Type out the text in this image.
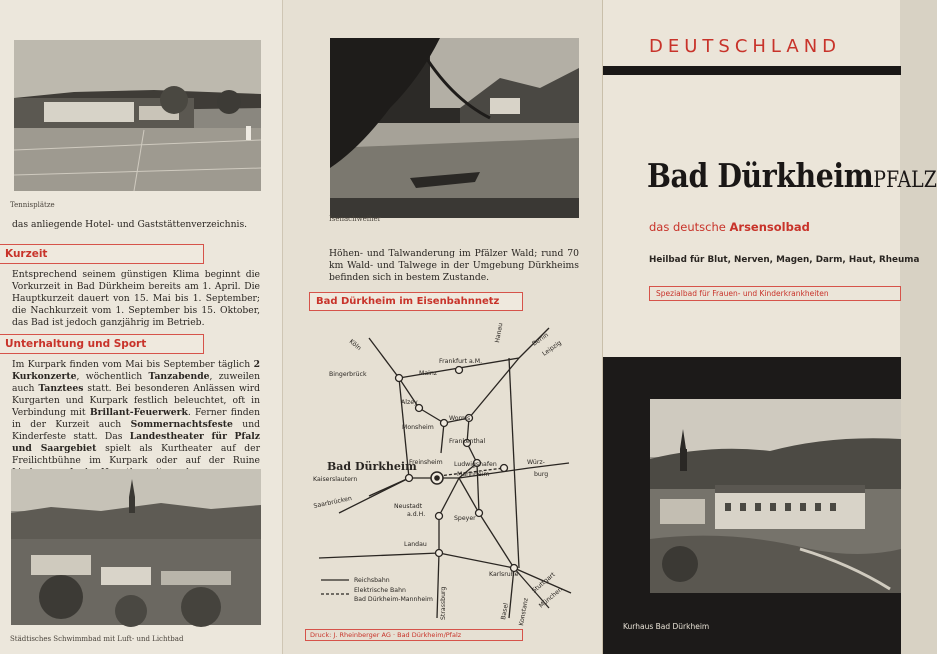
Tennisplätze
das anliegende Hotel- und Gaststättenverzeichnis.
Kurzeit
Entsprechend seinem günstigen Klima beginnt die Vorkurzeit in Bad Dürkheim bereits am 1. April. Die Hauptkurzeit dauert von 15. Mai bis 1. September; die Nachkurzeit vom 1. September bis 15. Oktober, das Bad ist jedoch ganzjährig im Betrieb.
Unterhaltung und Sport
Im Kurpark finden vom Mai bis September täglich 2 Kurkonzerte, wöchentlich Tanzabende, zuweilen auch Tanztees statt. Bei besonderen Anlässen wird Kurgarten und Kurpark festlich beleuchtet, oft in Verbindung mit Brillant-Feuerwerk. Ferner finden in der Kurzeit auch Sommernachtsfeste und Kinderfeste statt. Das Landestheater für Pfalz und Saargebiet spielt als Kurtheater auf der Freilichtbühne im Kurpark oder auf der Ruine
Städtisches Schwimmbad mit Luft- und Lichtbad
Isenachweiher
Höhen- und Talwanderung im Pfälzer Wald; rund 70 km Wald- und Talwege in der Umgebung Dürkheims befinden sich in bestem Zustande.
Bad Dürkheim im Eisenbahnnetz
Köln
Bingerbrück
Frankfurt a.M.
Mainz
Hanau	Berlin
Leipzig
Alzey
Worms
Monsheim
Frankenthal
Freinsheim Ludwigshafen
Mannheim
Würz-
burg
Kaiserslautern
Saarbrücken	Neustadt
a.d.H.
Speyer
Landau
Karlsruhe Stuttgart
München
Strassburg	Basel Konstanz
Bad Dürkheim
Reichsbahn
Elektrische Bahn
Bad Dürkheim-Mannheim
Druck: J. Rheinberger AG · Bad Dürkheim/Pfalz
DEUTSCHLAND
Bad DürkheimPFALZ
das deutsche Arsensolbad
Heilbad für Blut, Nerven, Magen, Darm, Haut, Rheuma
Spezialbad für Frauen- und Kinderkrankheiten
Kurhaus Bad Dürkheim
